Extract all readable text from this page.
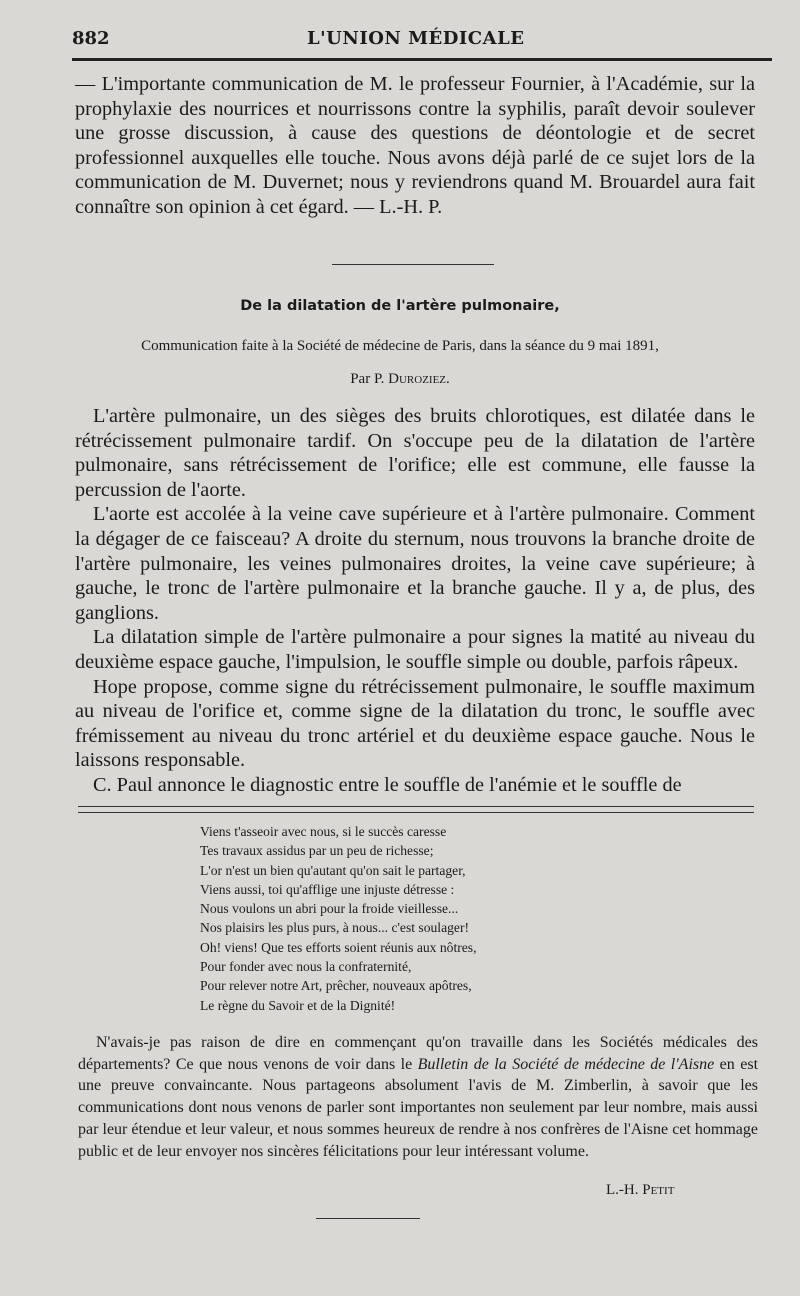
882	L'UNION MÉDICALE

— L'importante communication de M. le professeur Fournier, à l'Académie, sur la prophylaxie des nourrices et nourrissons contre la syphilis, paraît devoir soulever une grosse discussion, à cause des questions de déontologie et de secret professionnel auxquelles elle touche. Nous avons déjà parlé de ce sujet lors de la communication de M. Duvernet; nous y reviendrons quand M. Brouardel aura fait connaître son opinion à cet égard. — L.-H. P.

De la dilatation de l'artère pulmonaire,
Communication faite à la Société de médecine de Paris, dans la séance du 9 mai 1891,
Par P. Duroziez.

L'artère pulmonaire, un des sièges des bruits chlorotiques, est dilatée dans le rétrécissement pulmonaire tardif. On s'occupe peu de la dilatation de l'artère pulmonaire, sans rétrécissement de l'orifice; elle est commune, elle fausse la percussion de l'aorte.

L'aorte est accolée à la veine cave supérieure et à l'artère pulmonaire. Comment la dégager de ce faisceau? A droite du sternum, nous trouvons la branche droite de l'artère pulmonaire, les veines pulmonaires droites, la veine cave supérieure; à gauche, le tronc de l'artère pulmonaire et la branche gauche. Il y a, de plus, des ganglions.

La dilatation simple de l'artère pulmonaire a pour signes la matité au niveau du deuxième espace gauche, l'impulsion, le souffle simple ou double, parfois râpeux.

Hope propose, comme signe du rétrécissement pulmonaire, le souffle maximum au niveau de l'orifice et, comme signe de la dilatation du tronc, le souffle avec frémissement au niveau du tronc artériel et du deuxième espace gauche. Nous le laissons responsable.

C. Paul annonce le diagnostic entre le souffle de l'anémie et le souffle de

Viens t'asseoir avec nous, si le succès caresse
Tes travaux assidus par un peu de richesse;
L'or n'est un bien qu'autant qu'on sait le partager,
Viens aussi, toi qu'afflige une injuste détresse :
Nous voulons un abri pour la froide vieillesse...
Nos plaisirs les plus purs, à nous... c'est soulager!
Oh! viens! Que tes efforts soient réunis aux nôtres,
Pour fonder avec nous la confraternité,
Pour relever notre Art, prêcher, nouveaux apôtres,
Le règne du Savoir et de la Dignité!

N'avais-je pas raison de dire en commençant qu'on travaille dans les Sociétés médicales des départements? Ce que nous venons de voir dans le Bulletin de la Société de médecine de l'Aisne en est une preuve convaincante. Nous partageons absolument l'avis de M. Zimberlin, à savoir que les communications dont nous venons de parler sont importantes non seulement par leur nombre, mais aussi par leur étendue et leur valeur, et nous sommes heureux de rendre à nos confrères de l'Aisne cet hommage public et de leur envoyer nos sincères félicitations pour leur intéressant volume.

L.-H. Petit
